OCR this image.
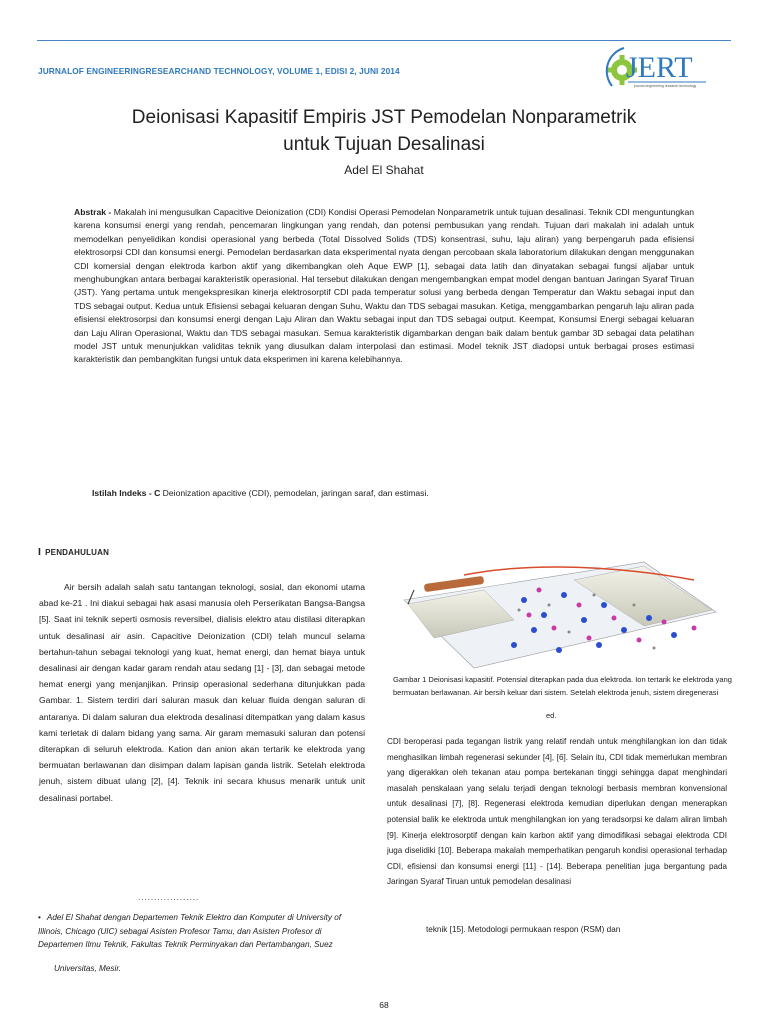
JURNALOF ENGINEERINGRESEARCHAND TECHNOLOGY, VOLUME 1, EDISI 2, JUNI 2014	JERT
journal engineering research technology
Deionisasi Kapasitif Empiris JST Pemodelan Nonparametrik
untuk Tujuan Desalinasi
Adel El Shahat
Abstrak - Makalah ini mengusulkan Capacitive Deionization (CDI) Kondisi Operasi Pemodelan Nonparametrik untuk tujuan desalinasi. Teknik CDI menguntungkan karena konsumsi energi yang rendah, pencemaran lingkungan yang rendah, dan potensi pembusukan yang rendah. Tujuan dari makalah ini adalah untuk memodelkan penyelidikan kondisi operasional yang berbeda (Total Dissolved Solids (TDS) konsentrasi, suhu, laju aliran) yang berpengaruh pada efisiensi elektrosorpsi CDI dan konsumsi energi. Pemodelan berdasarkan data eksperimental nyata dengan percobaan skala laboratorium dilakukan dengan menggunakan CDI komersial dengan elektroda karbon aktif yang dikembangkan oleh Aque EWP [1], sebagai data latih dan dinyatakan sebagai fungsi aljabar untuk menghubungkan antara berbagai karakteristik operasional. Hal tersebut dilakukan dengan mengembangkan empat model dengan bantuan Jaringan Syaraf Tiruan (JST). Yang pertama untuk mengekspresikan kinerja elektrosorptif CDI pada temperatur solusi yang berbeda dengan Temperatur dan Waktu sebagai input dan TDS sebagai output. Kedua untuk Efisiensi sebagai keluaran dengan Suhu, Waktu dan TDS sebagai masukan. Ketiga, menggambarkan pengaruh laju aliran pada efisiensi elektrosorpsi dan konsumsi energi dengan Laju Aliran dan Waktu sebagai input dan TDS sebagai output. Keempat, Konsumsi Energi sebagai keluaran dan Laju Aliran Operasional, Waktu dan TDS sebagai masukan. Semua karakteristik digambarkan dengan baik dalam bentuk gambar 3D sebagai data pelatihan model JST untuk menunjukkan validitas teknik yang diusulkan dalam interpolasi dan estimasi. Model teknik JST diadopsi untuk berbagai proses estimasi karakteristik dan pembangkitan fungsi untuk data eksperimen ini karena kelebihannya.
Istilah Indeks - C Deionization apacitive (CDI), pemodelan, jaringan saraf, dan estimasi.
I PENDAHULUAN
Air bersih adalah salah satu tantangan teknologi, sosial, dan ekonomi utama abad ke-21 . Ini diakui sebagai hak asasi manusia oleh Perserikatan Bangsa-Bangsa [5]. Saat ini teknik seperti osmosis reversibel, dialisis elektro atau distilasi diterapkan untuk desalinasi air asin. Capacitive Deionization (CDI) telah muncul selama bertahun-tahun sebagai teknologi yang kuat, hemat energi, dan hemat biaya untuk desalinasi air dengan kadar garam rendah atau sedang [1] - [3], dan sebagai metode hemat energi yang menjanjikan. Prinsip operasional sederhana ditunjukkan pada Gambar. 1. Sistem terdiri dari saluran masuk dan keluar fluida dengan saluran di antaranya. Di dalam saluran dua elektroda desalinasi ditempatkan yang dalam kasus kami terletak di dalam bidang yang sama. Air garam memasuki saluran dan potensi diterapkan di seluruh elektroda. Kation dan anion akan tertarik ke elektroda yang bermuatan berlawanan dan disimpan dalam lapisan ganda listrik. Setelah elektroda jenuh, sistem dibuat ulang [2], [4]. Teknik ini secara khusus menarik untuk unit desalinasi portabel.
Gambar 1 Deionisasi kapasitif. Potensial diterapkan pada dua elektroda. Ion tertarik ke elektroda yang bermuatan berlawanan. Air bersih keluar dari sistem. Setelah elektroda jenuh, sistem diregenerasi
ed.
CDI beroperasi pada tegangan listrik yang relatif rendah untuk menghilangkan ion dan tidak menghasilkan limbah regenerasi sekunder [4], [6]. Selain itu, CDI tidak memerlukan membran yang digerakkan oleh tekanan atau pompa bertekanan tinggi sehingga dapat menghindari masalah penskalaan yang selalu terjadi dengan teknologi berbasis membran konvensional untuk desalinasi [7], [8]. Regenerasi elektroda kemudian diperlukan dengan menerapkan potensial balik ke elektroda untuk menghilangkan ion yang teradsorpsi ke dalam aliran limbah [9]. Kinerja elektrosorptif dengan kain karbon aktif yang dimodifikasi sebagai elektroda CDI juga diselidiki [10]. Beberapa makalah memperhatikan pengaruh kondisi operasional terhadap CDI, efisiensi dan konsumsi energi [11] - [14]. Beberapa penelitian juga bergantung pada Jaringan Syaraf Tiruan untuk pemodelan desalinasi
...................
• Adel El Shahat dengan Departemen Teknik Elektro dan Komputer di University of Illinois, Chicago (UIC) sebagai Asisten Profesor Tamu, dan Asisten Profesor di Departemen Ilmu Teknik, Fakultas Teknik Perminyakan dan Pertambangan, Suez
teknik [15]. Metodologi permukaan respon (RSM) dan
Universitas, Mesir.
68
